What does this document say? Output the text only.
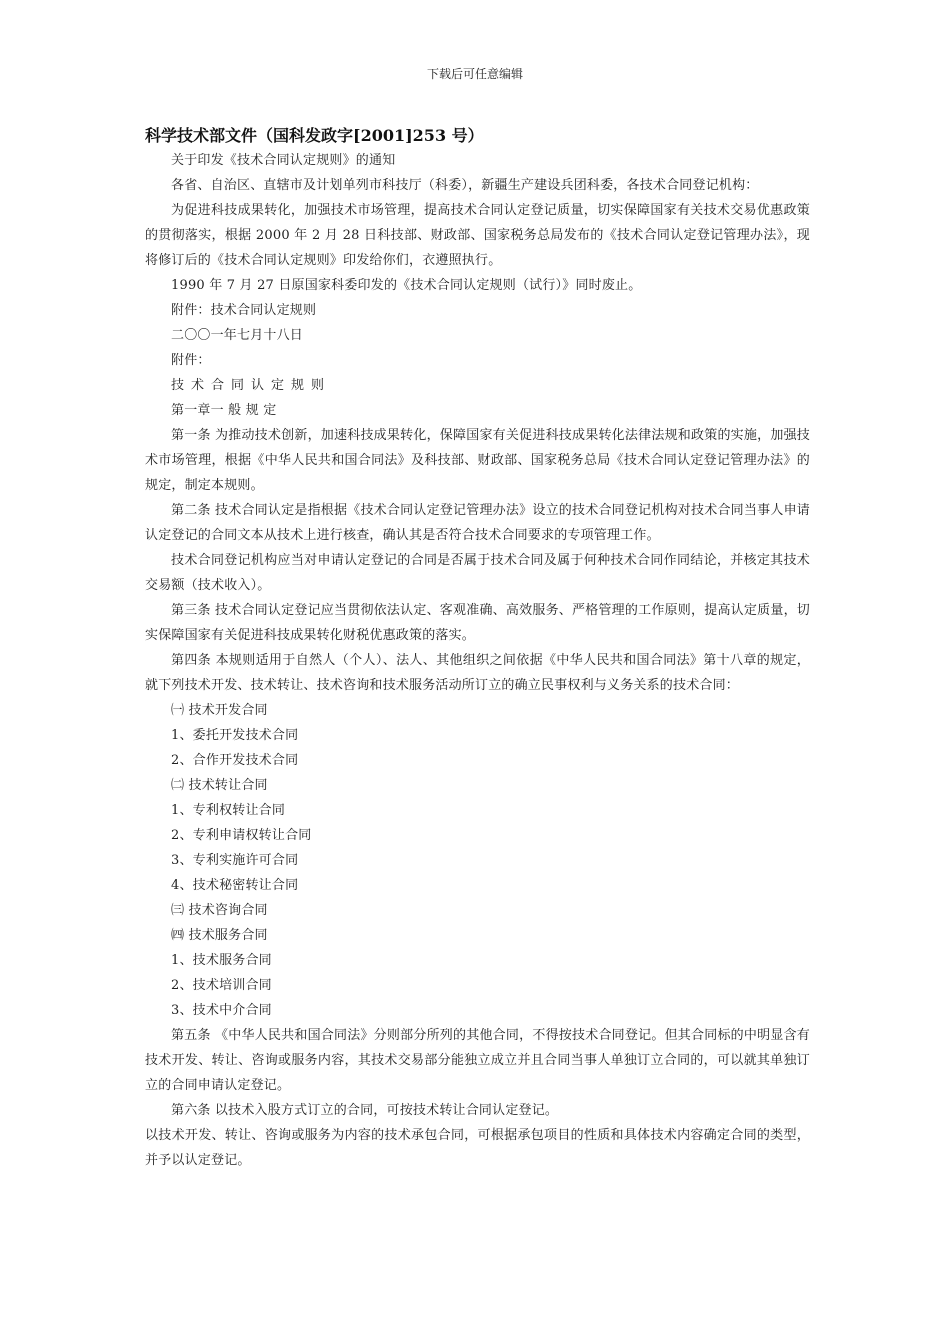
下载后可任意编辑
科学技术部文件（国科发政字[2001]253 号）

关于印发《技术合同认定规则》的通知

各省、自治区、直辖市及计划单列市科技厅（科委），新疆生产建设兵团科委，各技术合同登记机构：

为促进科技成果转化，加强技术市场管理，提高技术合同认定登记质量，切实保障国家有关技术交易优惠政策的贯彻落实，根据 2000 年 2 月 28 日科技部、财政部、国家税务总局发布的《技术合同认定登记管理办法》，现将修订后的《技术合同认定规则》印发给你们，衣遵照执行。

1990 年 7 月 27 日原国家科委印发的《技术合同认定规则（试行）》同时废止。

附件：技术合同认定规则

二〇〇一年七月十八日

附件：

技术合同认定规则

第一章一 般 规 定

第一条 为推动技术创新，加速科技成果转化，保障国家有关促进科技成果转化法律法规和政策的实施，加强技术市场管理，根据《中华人民共和国合同法》及科技部、财政部、国家税务总局《技术合同认定登记管理办法》的规定，制定本规则。

第二条 技术合同认定是指根据《技术合同认定登记管理办法》设立的技术合同登记机构对技术合同当事人申请认定登记的合同文本从技术上进行核查，确认其是否符合技术合同要求的专项管理工作。

技术合同登记机构应当对申请认定登记的合同是否属于技术合同及属于何种技术合同作同结论，并核定其技术交易额（技术收入）。

第三条 技术合同认定登记应当贯彻依法认定、客观准确、高效服务、严格管理的工作原则，提高认定质量，切实保障国家有关促进科技成果转化财税优惠政策的落实。

第四条 本规则适用于自然人（个人）、法人、其他组织之间依据《中华人民共和国合同法》第十八章的规定，就下列技术开发、技术转让、技术咨询和技术服务活动所订立的确立民事权利与义务关系的技术合同：

㈠ 技术开发合同

1、委托开发技术合同

2、合作开发技术合同

㈡ 技术转让合同

1、专利权转让合同

2、专利申请权转让合同

3、专利实施许可合同

4、技术秘密转让合同

㈢ 技术咨询合同

㈣ 技术服务合同

1、技术服务合同

2、技术培训合同

3、技术中介合同

第五条 《中华人民共和国合同法》分则部分所列的其他合同，不得按技术合同登记。但其合同标的中明显含有技术开发、转让、咨询或服务内容，其技术交易部分能独立成立并且合同当事人单独订立合同的，可以就其单独订立的合同申请认定登记。

第六条 以技术入股方式订立的合同，可按技术转让合同认定登记。

以技术开发、转让、咨询或服务为内容的技术承包合同，可根据承包项目的性质和具体技术内容确定合同的类型，并予以认定登记。
